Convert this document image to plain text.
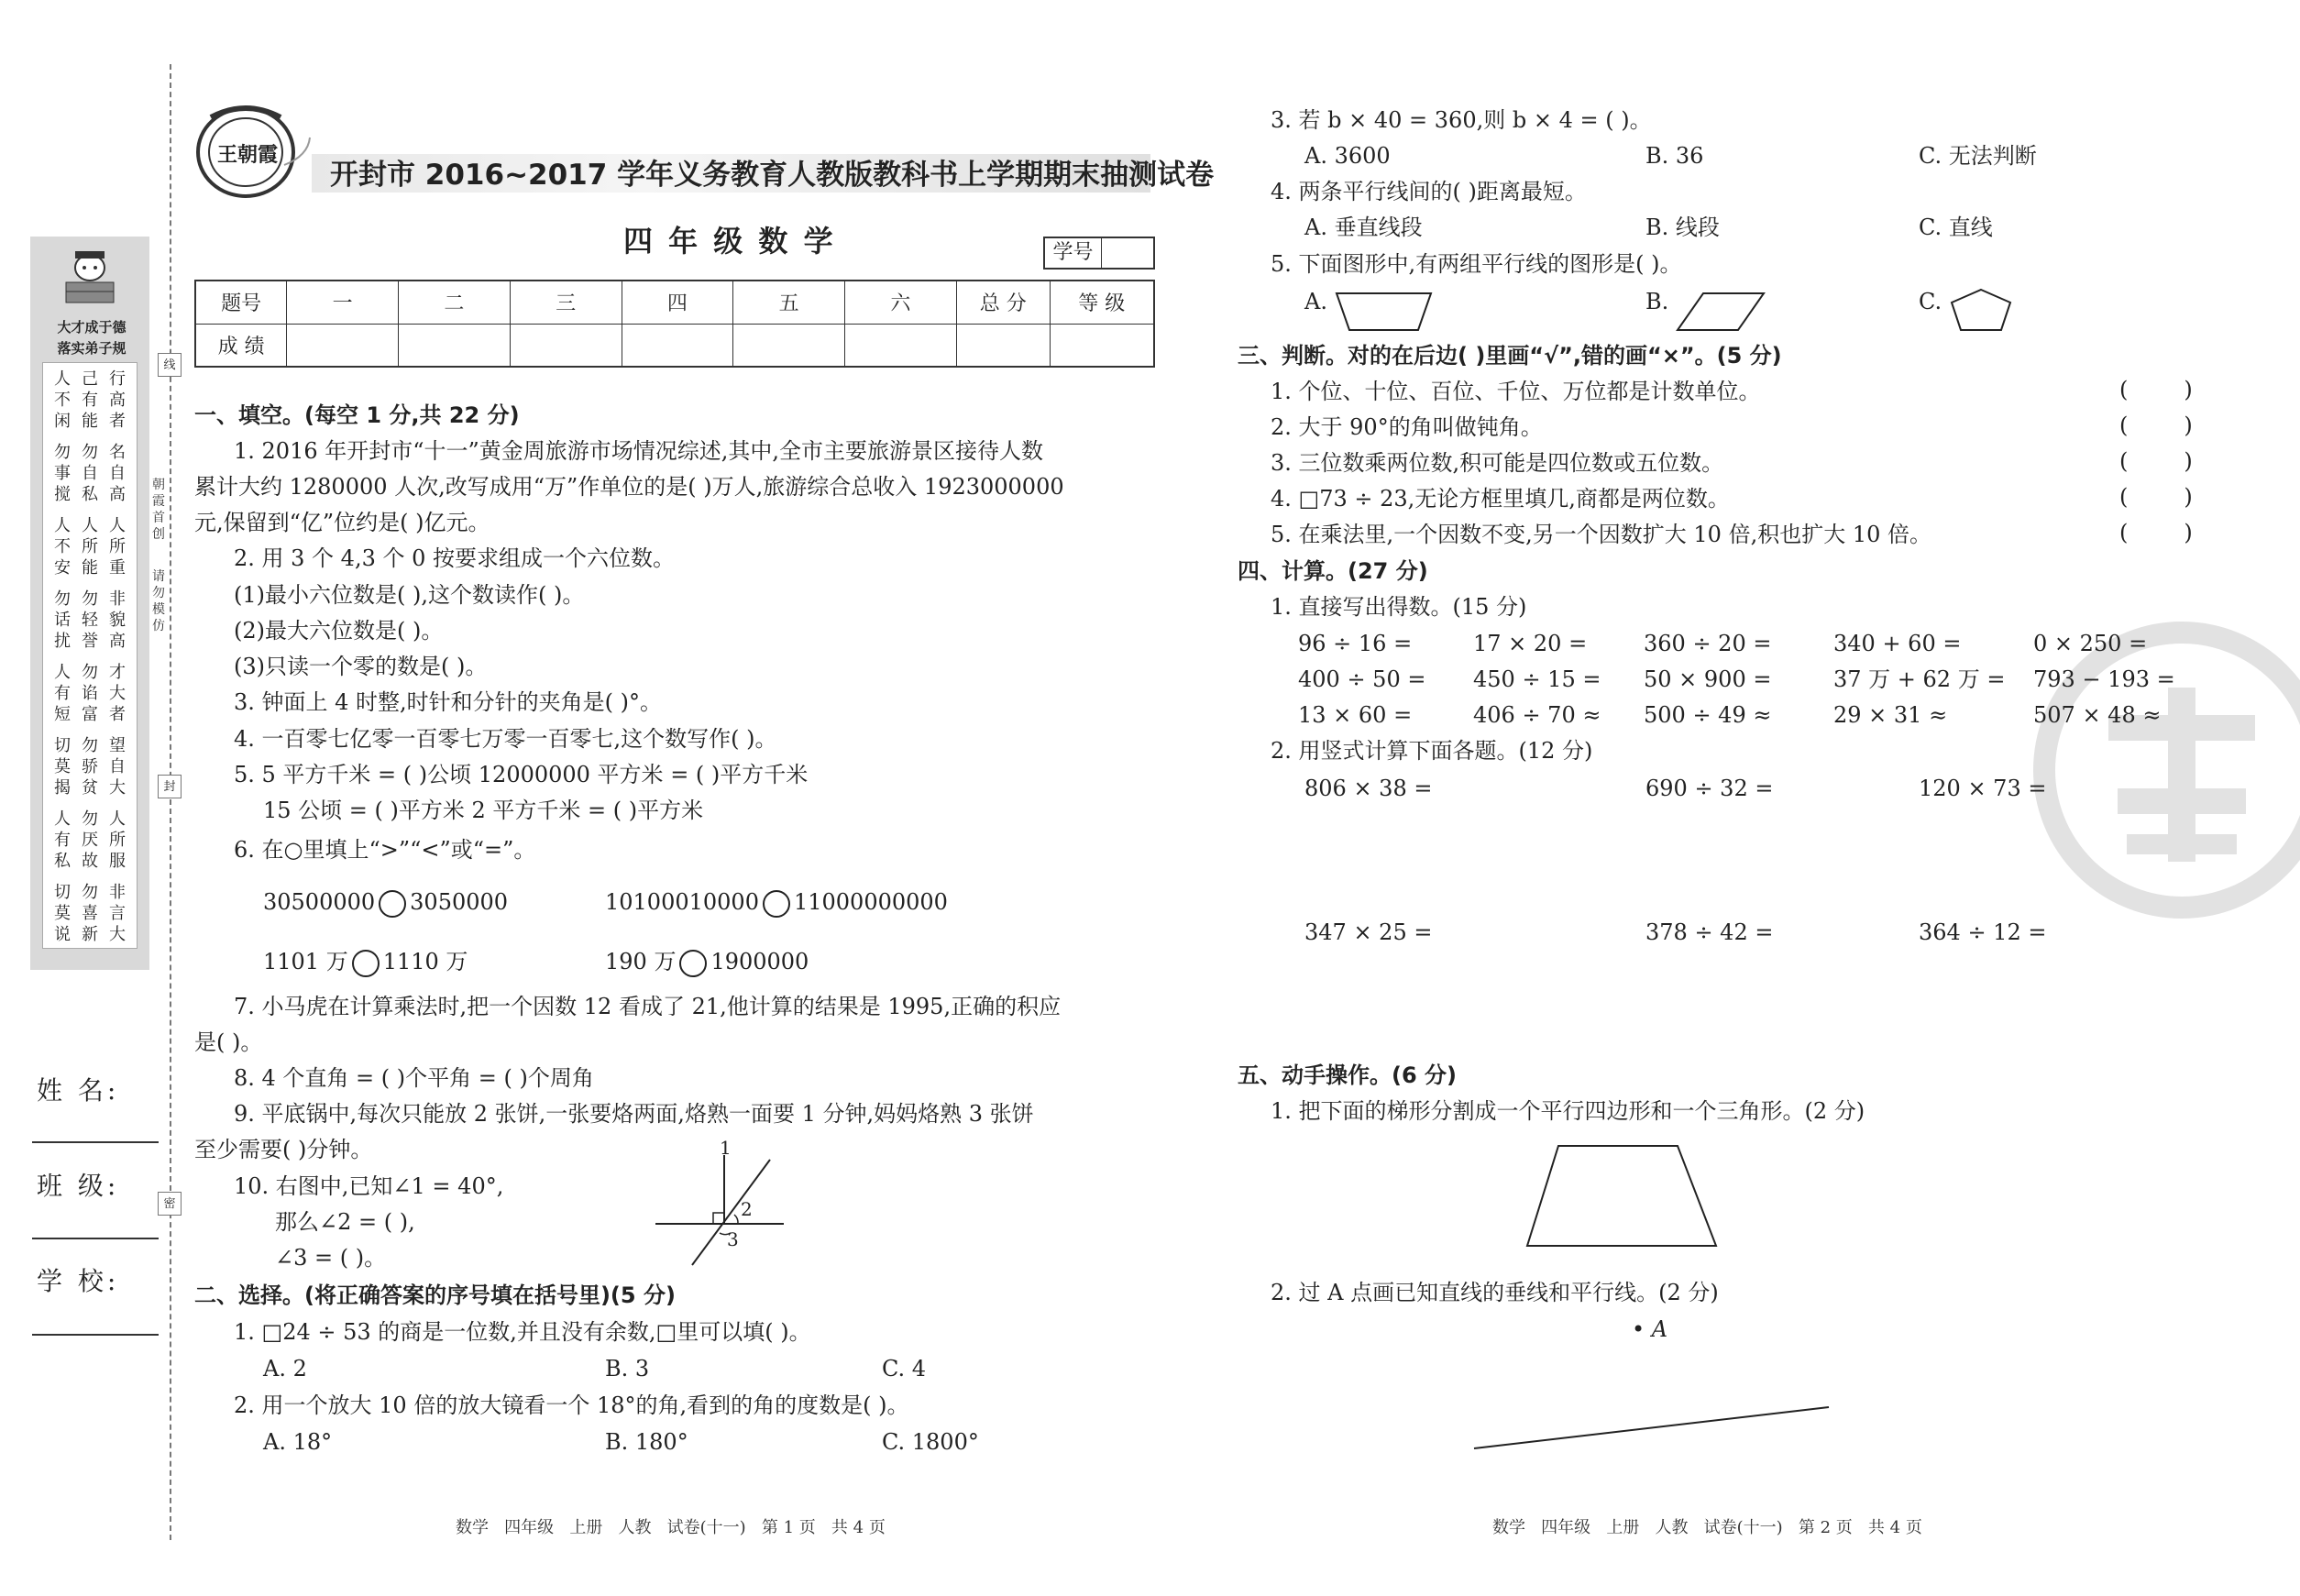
大才成于德
落实弟子规
人不闲
己有能
行高者
勿事搅
勿自私
名自高
人不安
人所能
人所重
勿话扰
勿轻誉
非貌高
人有短
勿谄富
才大者
切莫揭
勿骄贫
望自大
人有私
勿厌故
人所服
切莫说
勿喜新
非言大
线
封
密
朝霞首创
请勿模仿
姓 名:
班 级:
学 校:
王朝霞
开封市 2016~2017 学年义务教育人教版教科书上学期期末抽测试卷
四 年 级 数 学	学号
题号	一	二	三	四	五	六	总 分	等 级
成 绩								
一、填空。(每空 1 分,共 22 分)
1. 2016 年开封市“十一”黄金周旅游市场情况综述,其中,全市主要旅游景区接待人数
累计大约 1280000 人次,改写成用“万”作单位的是( )万人,旅游综合总收入 1923000000
元,保留到“亿”位约是( )亿元。
2. 用 3 个 4,3 个 0 按要求组成一个六位数。
(1)最小六位数是( ),这个数读作( )。
(2)最大六位数是( )。
(3)只读一个零的数是( )。
3. 钟面上 4 时整,时针和分针的夹角是( )°。
4. 一百零七亿零一百零七万零一百零七,这个数写作( )。
5. 5 平方千米 = ( )公顷 12000000 平方米 = ( )平方千米
15 公顷 = ( )平方米 2 平方千米 = ( )平方米
6. 在○里填上“>”“<”或“=”。
30500000 3050000	10100010000 11000000000
1101 万 1110 万	190 万 1900000
7. 小马虎在计算乘法时,把一个因数 12 看成了 21,他计算的结果是 1995,正确的积应
是( )。
8. 4 个直角 = ( )个平角 = ( )个周角
9. 平底锅中,每次只能放 2 张饼,一张要烙两面,烙熟一面要 1 分钟,妈妈烙熟 3 张饼
至少需要( )分钟。
10. 右图中,已知∠1 = 40°,
那么∠2 = ( ),
∠3 = ( )。
1
2
3
二、选择。(将正确答案的序号填在括号里)(5 分)
1. □24 ÷ 53 的商是一位数,并且没有余数,□里可以填( )。
A. 2	B. 3	C. 4
2. 用一个放大 10 倍的放大镜看一个 18°的角,看到的角的度数是( )。
A. 18°	B. 180°	C. 1800°
数学   四年级   上册   人教   试卷(十一)   第 1 页   共 4 页
3. 若 b × 40 = 360,则 b × 4 = ( )。
A. 3600	B. 36	C. 无法判断
4. 两条平行线间的( )距离最短。
A. 垂直线段	B. 线段	C. 直线
5. 下面图形中,有两组平行线的图形是( )。
A.	B.	C.
三、判断。对的在后边( )里画“√”,错的画“×”。(5 分)
1. 个位、十位、百位、千位、万位都是计数单位。	(        )
2. 大于 90°的角叫做钝角。	(        )
3. 三位数乘两位数,积可能是四位数或五位数。	(        )
4. □73 ÷ 23,无论方框里填几,商都是两位数。	(        )
5. 在乘法里,一个因数不变,另一个因数扩大 10 倍,积也扩大 10 倍。	(        )
四、计算。(27 分)
1. 直接写出得数。(15 分)
96 ÷ 16 =	17 × 20 =	360 ÷ 20 =	340 + 60 =	0 × 250 =
400 ÷ 50 = 450 ÷ 15 = 50 × 900 =	37 万 + 62 万 = 793 − 193 =
13 × 60 =	406 ÷ 70 ≈ 500 ÷ 49 ≈	29 × 31 ≈	507 × 48 ≈
2. 用竖式计算下面各题。(12 分)
806 × 38 =	690 ÷ 32 =	120 × 73 =
347 × 25 =	378 ÷ 42 =	364 ÷ 12 =
五、动手操作。(6 分)
1. 把下面的梯形分割成一个平行四边形和一个三角形。(2 分)
2. 过 A 点画已知直线的垂线和平行线。(2 分)
• A
数学   四年级   上册   人教   试卷(十一)   第 2 页   共 4 页
